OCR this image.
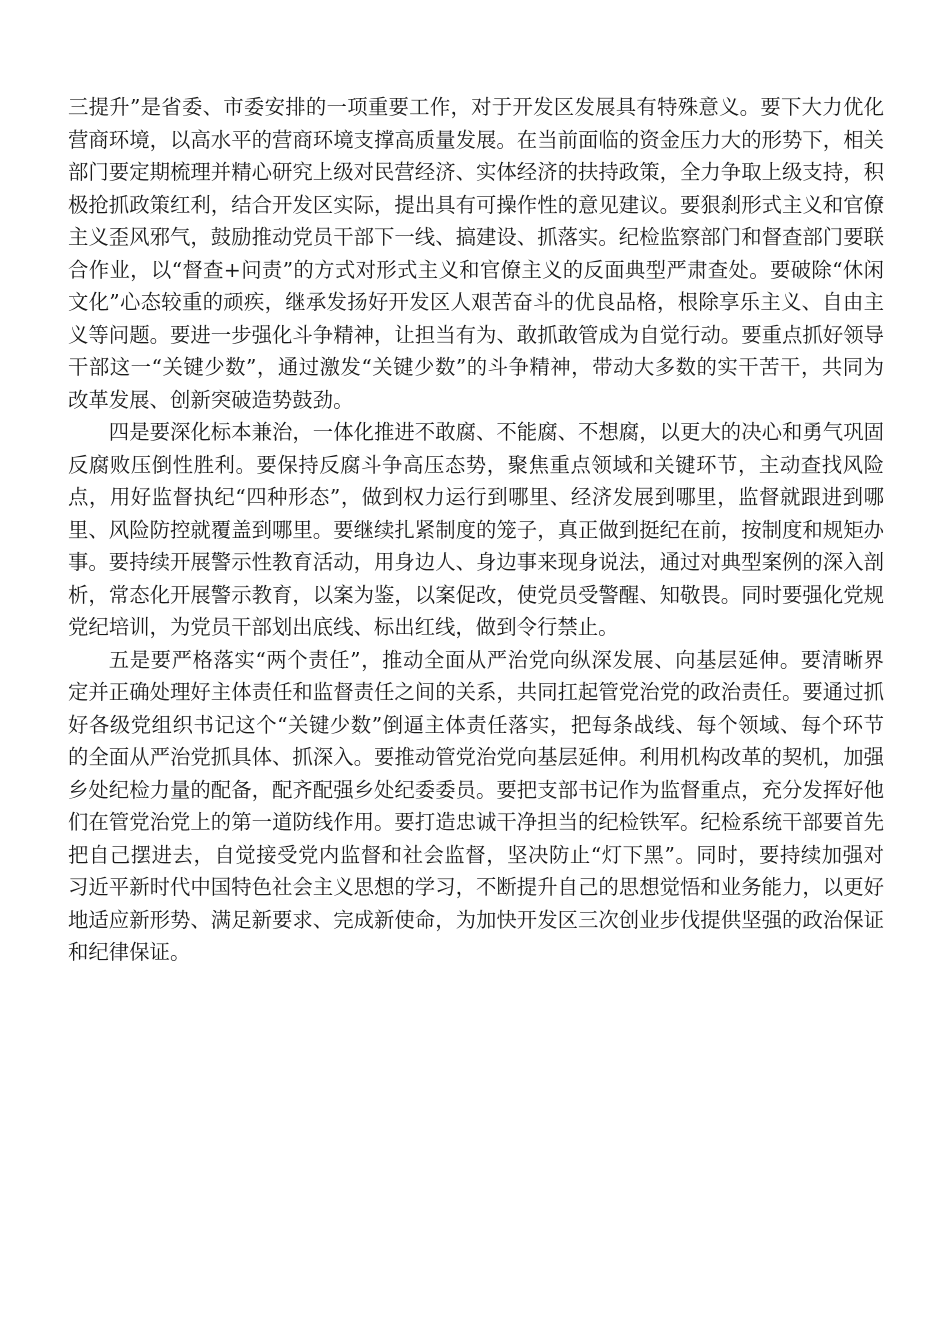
三提升”是省委、市委安排的一项重要工作，对于开发区发展具有特殊意义。要下大力优化营商环境，以高水平的营商环境支撑高质量发展。在当前面临的资金压力大的形势下，相关部门要定期梳理并精心研究上级对民营经济、实体经济的扶持政策，全力争取上级支持，积极抢抓政策红利，结合开发区实际，提出具有可操作性的意见建议。要狠刹形式主义和官僚主义歪风邪气，鼓励推动党员干部下一线、搞建设、抓落实。纪检监察部门和督查部门要联合作业，以“督查+问责”的方式对形式主义和官僚主义的反面典型严肃查处。要破除“休闲文化”心态较重的顽疾，继承发扬好开发区人艰苦奋斗的优良品格，根除享乐主义、自由主义等问题。要进一步强化斗争精神，让担当有为、敢抓敢管成为自觉行动。要重点抓好领导干部这一“关键少数”，通过激发“关键少数”的斗争精神，带动大多数的实干苦干，共同为改革发展、创新突破造势鼓劲。

四是要深化标本兼治，一体化推进不敢腐、不能腐、不想腐，以更大的决心和勇气巩固反腐败压倒性胜利。要保持反腐斗争高压态势，聚焦重点领域和关键环节，主动查找风险点，用好监督执纪“四种形态”，做到权力运行到哪里、经济发展到哪里，监督就跟进到哪里、风险防控就覆盖到哪里。要继续扎紧制度的笼子，真正做到挺纪在前，按制度和规矩办事。要持续开展警示性教育活动，用身边人、身边事来现身说法，通过对典型案例的深入剖析，常态化开展警示教育，以案为鉴，以案促改，使党员受警醒、知敬畏。同时要强化党规党纪培训，为党员干部划出底线、标出红线，做到令行禁止。

五是要严格落实“两个责任”，推动全面从严治党向纵深发展、向基层延伸。要清晰界定并正确处理好主体责任和监督责任之间的关系，共同扛起管党治党的政治责任。要通过抓好各级党组织书记这个“关键少数”倒逼主体责任落实，把每条战线、每个领域、每个环节的全面从严治党抓具体、抓深入。要推动管党治党向基层延伸。利用机构改革的契机，加强乡处纪检力量的配备，配齐配强乡处纪委委员。要把支部书记作为监督重点，充分发挥好他们在管党治党上的第一道防线作用。要打造忠诚干净担当的纪检铁军。纪检系统干部要首先把自己摆进去，自觉接受党内监督和社会监督，坚决防止“灯下黑”。同时，要持续加强对习近平新时代中国特色社会主义思想的学习，不断提升自己的思想觉悟和业务能力，以更好地适应新形势、满足新要求、完成新使命，为加快开发区三次创业步伐提供坚强的政治保证和纪律保证。
